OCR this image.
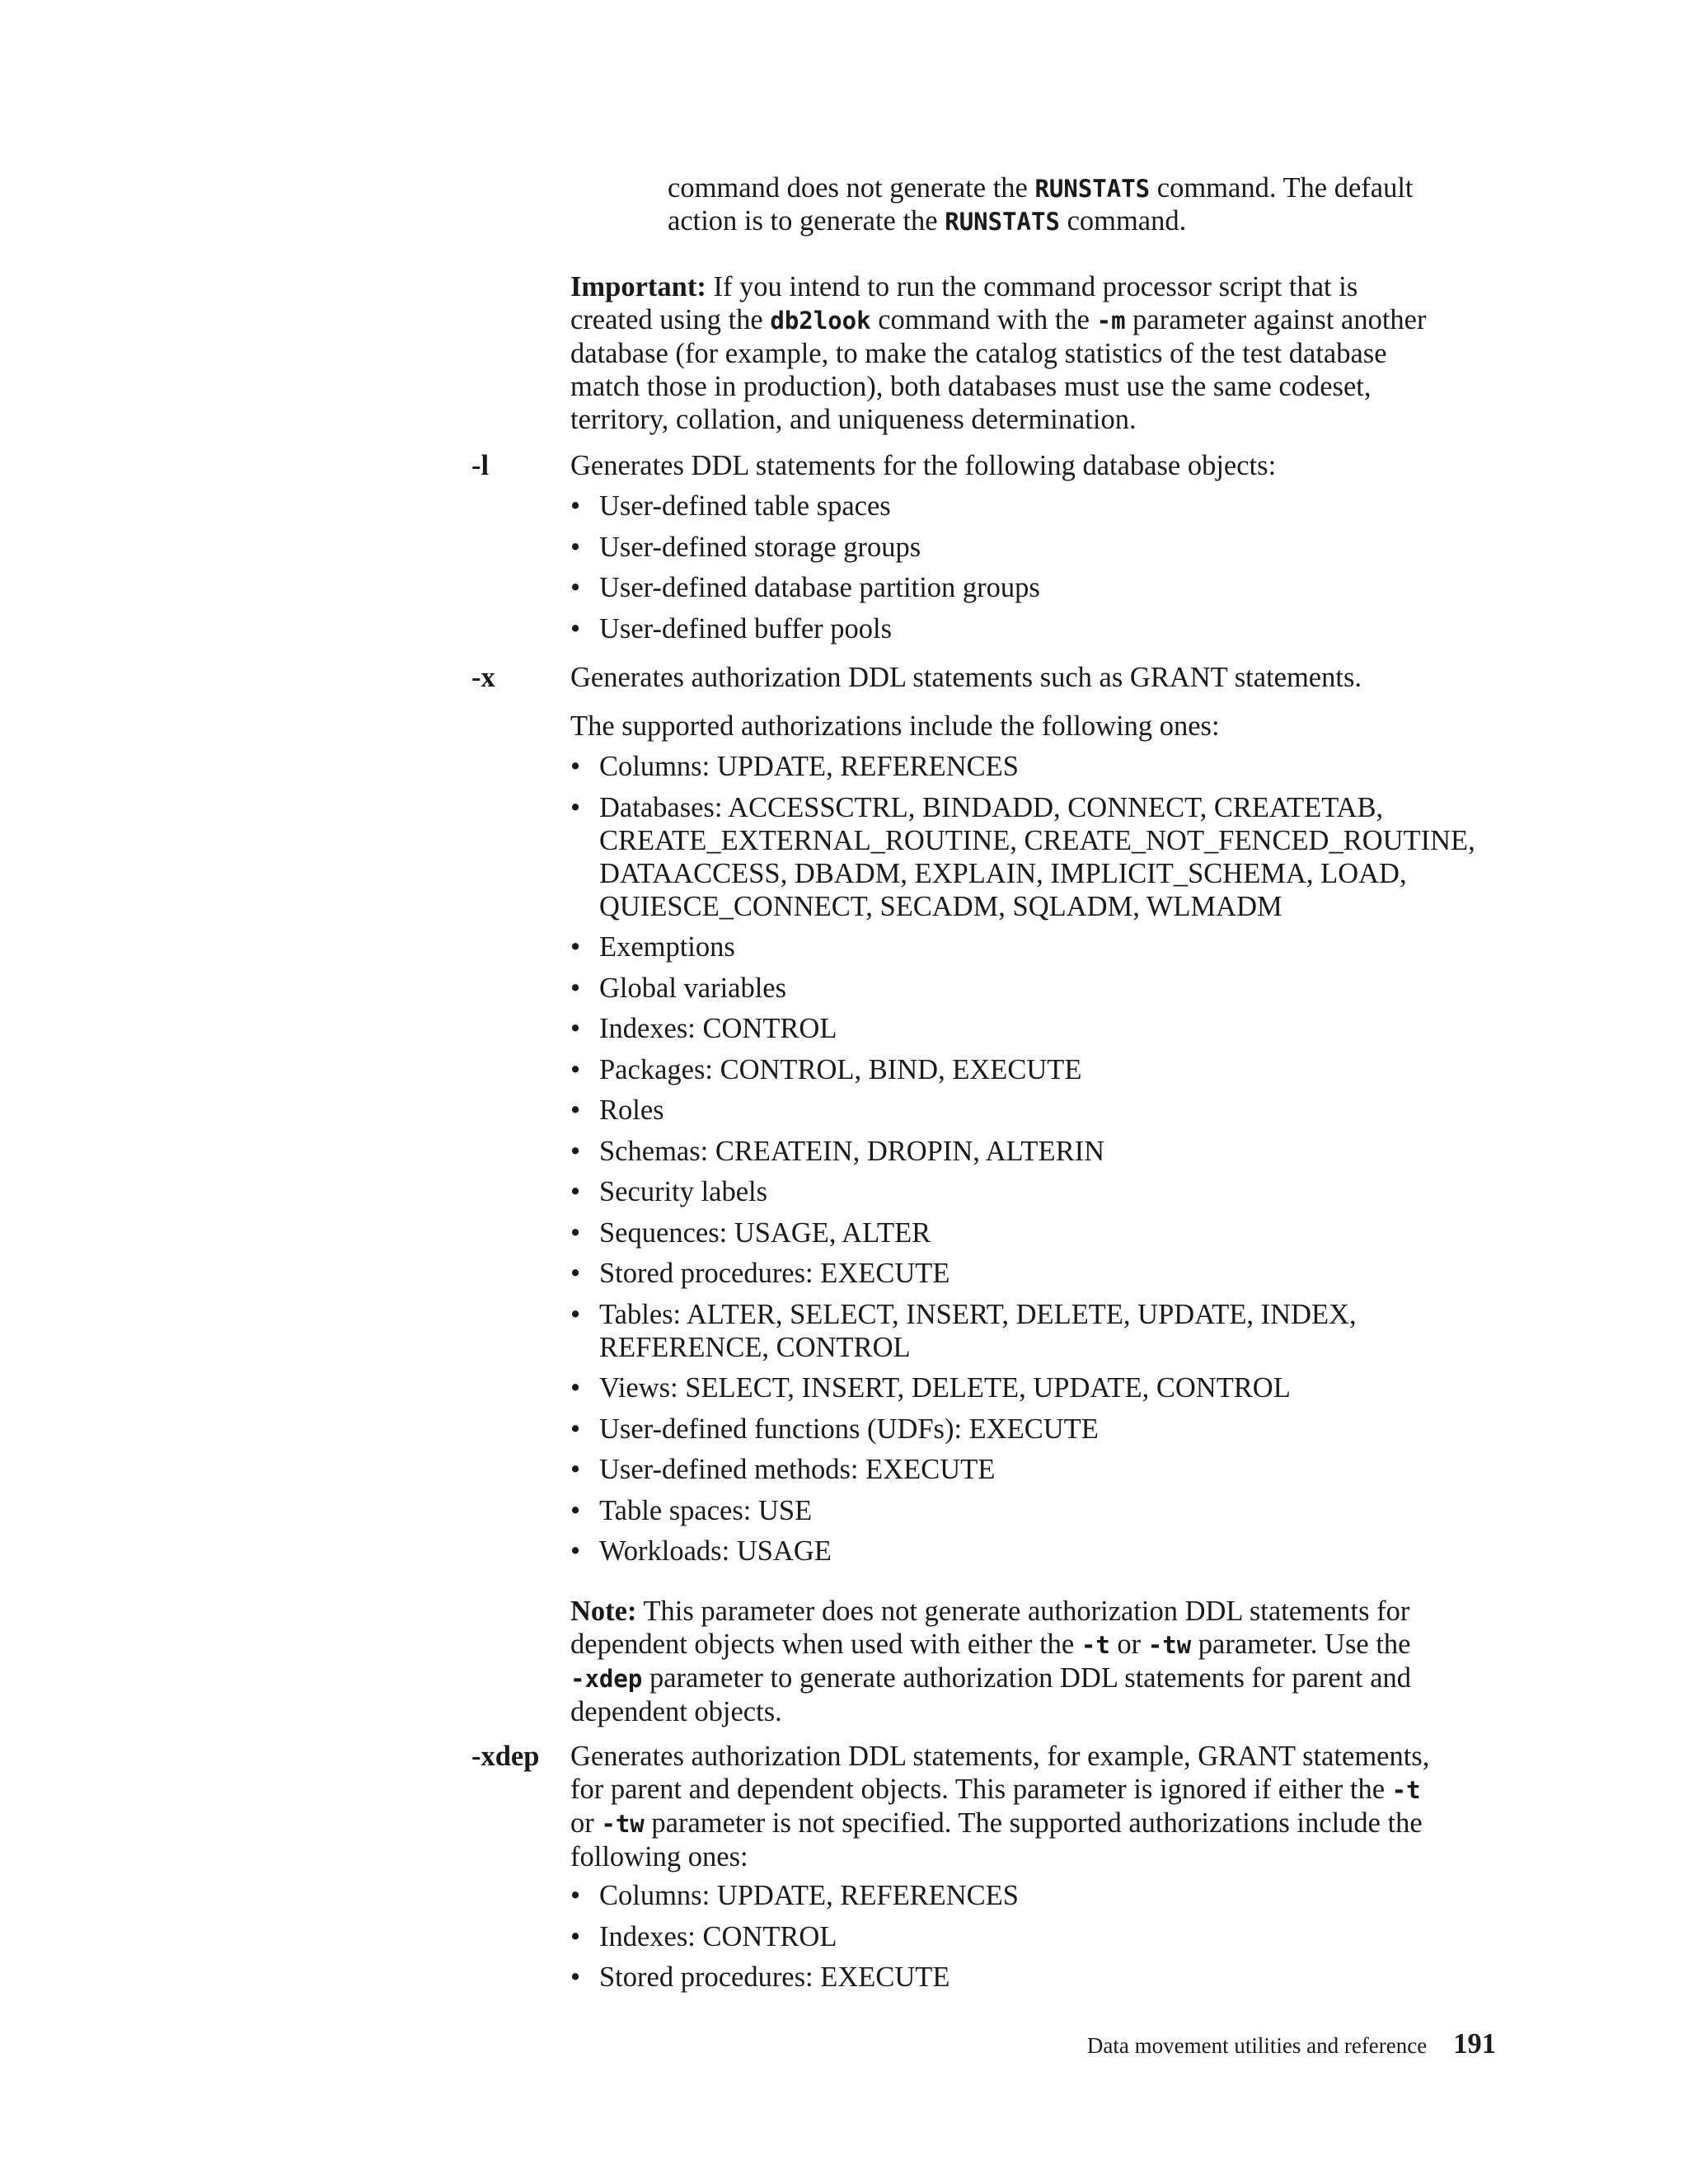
command does not generate the RUNSTATS command. The default
action is to generate the RUNSTATS command.
Important: If you intend to run the command processor script that is
created using the db2look command with the -m parameter against another
database (for example, to make the catalog statistics of the test database
match those in production), both databases must use the same codeset,
territory, collation, and uniqueness determination.
-l	Generates DDL statements for the following database objects:
• User-defined table spaces
• User-defined storage groups
• User-defined database partition groups
• User-defined buffer pools
-x	Generates authorization DDL statements such as GRANT statements.
The supported authorizations include the following ones:
• Columns: UPDATE, REFERENCES
• Databases: ACCESSCTRL, BINDADD, CONNECT, CREATETAB, CREATE_EXTERNAL_ROUTINE, CREATE_NOT_FENCED_ROUTINE, DATAACCESS, DBADM, EXPLAIN, IMPLICIT_SCHEMA, LOAD, QUIESCE_CONNECT, SECADM, SQLADM, WLMADM
• Exemptions
• Global variables
• Indexes: CONTROL
• Packages: CONTROL, BIND, EXECUTE
• Roles
• Schemas: CREATEIN, DROPIN, ALTERIN
• Security labels
• Sequences: USAGE, ALTER
• Stored procedures: EXECUTE
• Tables: ALTER, SELECT, INSERT, DELETE, UPDATE, INDEX, REFERENCE, CONTROL
• Views: SELECT, INSERT, DELETE, UPDATE, CONTROL
• User-defined functions (UDFs): EXECUTE
• User-defined methods: EXECUTE
• Table spaces: USE
• Workloads: USAGE
Note: This parameter does not generate authorization DDL statements for
dependent objects when used with either the -t or -tw parameter. Use the
-xdep parameter to generate authorization DDL statements for parent and
dependent objects.
-xdep Generates authorization DDL statements, for example, GRANT statements,
for parent and dependent objects. This parameter is ignored if either the -t
or -tw parameter is not specified. The supported authorizations include the
following ones:
• Columns: UPDATE, REFERENCES
• Indexes: CONTROL
• Stored procedures: EXECUTE
Data movement utilities and reference 191
